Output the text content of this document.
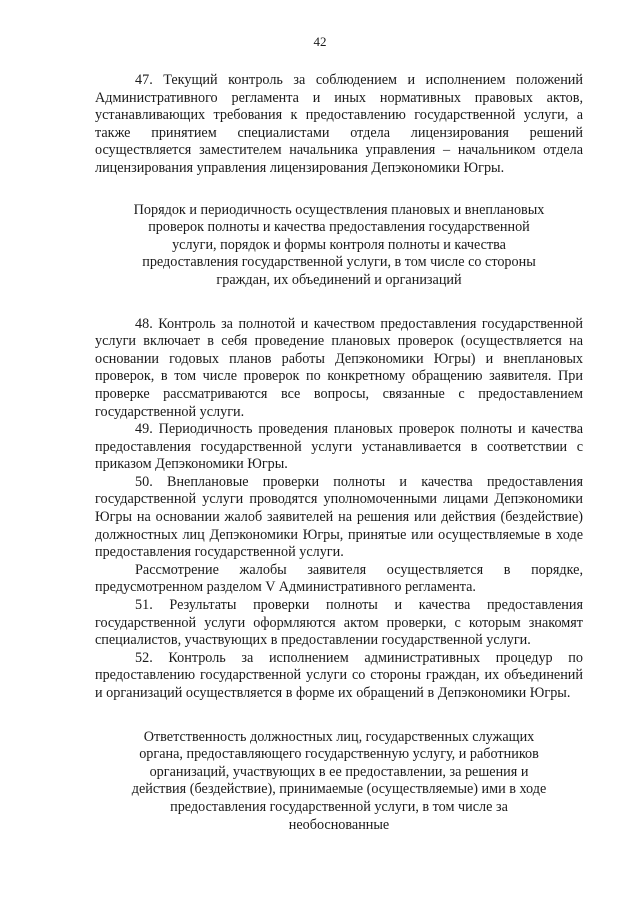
42

47. Текущий контроль за соблюдением и исполнением положений Административного регламента и иных нормативных правовых актов, устанавливающих требования к предоставлению государственной услуги, а также принятием специалистами отдела лицензирования решений осуществляется заместителем начальника управления – начальником отдела лицензирования управления лицензирования Депэкономики Югры.

Порядок и периодичность осуществления плановых и внеплановых проверок полноты и качества предоставления государственной услуги, порядок и формы контроля полноты и качества предоставления государственной услуги, в том числе со стороны граждан, их объединений и организаций

48. Контроль за полнотой и качеством предоставления государственной услуги включает в себя проведение плановых проверок (осуществляется на основании годовых планов работы Депэкономики Югры) и внеплановых проверок, в том числе проверок по конкретному обращению заявителя. При проверке рассматриваются все вопросы, связанные с предоставлением государственной услуги.

49. Периодичность проведения плановых проверок полноты и качества предоставления государственной услуги устанавливается в соответствии с приказом Депэкономики Югры.

50. Внеплановые проверки полноты и качества предоставления государственной услуги проводятся уполномоченными лицами Депэкономики Югры на основании жалоб заявителей на решения или действия (бездействие) должностных лиц Депэкономики Югры, принятые или осуществляемые в ходе предоставления государственной услуги.

Рассмотрение жалобы заявителя осуществляется в порядке, предусмотренном разделом V Административного регламента.

51. Результаты проверки полноты и качества предоставления государственной услуги оформляются актом проверки, с которым знакомят специалистов, участвующих в предоставлении государственной услуги.

52. Контроль за исполнением административных процедур по предоставлению государственной услуги со стороны граждан, их объединений и организаций осуществляется в форме их обращений в Депэкономики Югры.

Ответственность должностных лиц, государственных служащих органа, предоставляющего государственную услугу, и работников организаций, участвующих в ее предоставлении, за решения и действия (бездействие), принимаемые (осуществляемые) ими в ходе предоставления государственной услуги, в том числе за необоснованные
